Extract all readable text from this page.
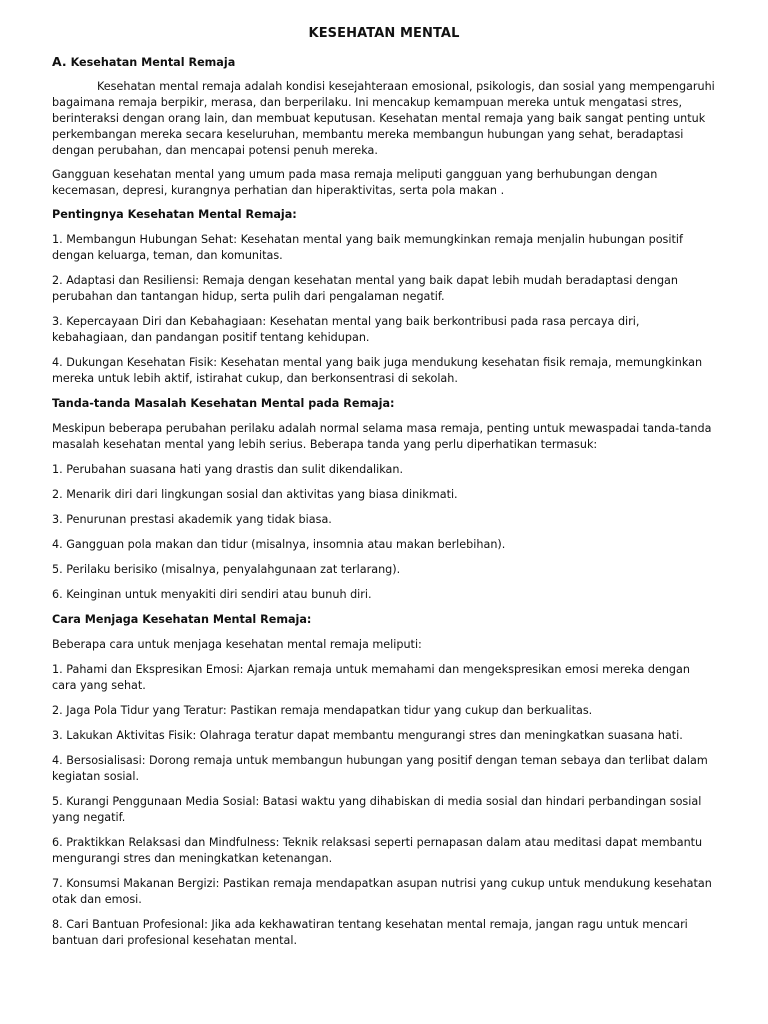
KESEHATAN MENTAL
A. Kesehatan Mental Remaja

Kesehatan mental remaja adalah kondisi kesejahteraan emosional, psikologis, dan sosial yang mempengaruhi bagaimana remaja berpikir, merasa, dan berperilaku. Ini mencakup kemampuan mereka untuk mengatasi stres, berinteraksi dengan orang lain, dan membuat keputusan. Kesehatan mental remaja yang baik sangat penting untuk perkembangan mereka secara keseluruhan, membantu mereka membangun hubungan yang sehat, beradaptasi dengan perubahan, dan mencapai potensi penuh mereka.

Gangguan kesehatan mental yang umum pada masa remaja meliputi gangguan yang berhubungan dengan kecemasan, depresi, kurangnya perhatian dan hiperaktivitas, serta pola makan .

Pentingnya Kesehatan Mental Remaja:

1. Membangun Hubungan Sehat: Kesehatan mental yang baik memungkinkan remaja menjalin hubungan positif dengan keluarga, teman, dan komunitas.

2. Adaptasi dan Resiliensi: Remaja dengan kesehatan mental yang baik dapat lebih mudah beradaptasi dengan perubahan dan tantangan hidup, serta pulih dari pengalaman negatif.

3. Kepercayaan Diri dan Kebahagiaan: Kesehatan mental yang baik berkontribusi pada rasa percaya diri, kebahagiaan, dan pandangan positif tentang kehidupan.

4. Dukungan Kesehatan Fisik: Kesehatan mental yang baik juga mendukung kesehatan fisik remaja, memungkinkan mereka untuk lebih aktif, istirahat cukup, dan berkonsentrasi di sekolah.

Tanda-tanda Masalah Kesehatan Mental pada Remaja:

Meskipun beberapa perubahan perilaku adalah normal selama masa remaja, penting untuk mewaspadai tanda-tanda masalah kesehatan mental yang lebih serius. Beberapa tanda yang perlu diperhatikan termasuk:

1. Perubahan suasana hati yang drastis dan sulit dikendalikan.

2. Menarik diri dari lingkungan sosial dan aktivitas yang biasa dinikmati.

3. Penurunan prestasi akademik yang tidak biasa.

4. Gangguan pola makan dan tidur (misalnya, insomnia atau makan berlebihan).

5. Perilaku berisiko (misalnya, penyalahgunaan zat terlarang).

6. Keinginan untuk menyakiti diri sendiri atau bunuh diri.

Cara Menjaga Kesehatan Mental Remaja:

Beberapa cara untuk menjaga kesehatan mental remaja meliputi:

1. Pahami dan Ekspresikan Emosi: Ajarkan remaja untuk memahami dan mengekspresikan emosi mereka dengan cara yang sehat.

2. Jaga Pola Tidur yang Teratur: Pastikan remaja mendapatkan tidur yang cukup dan berkualitas.

3. Lakukan Aktivitas Fisik: Olahraga teratur dapat membantu mengurangi stres dan meningkatkan suasana hati.

4. Bersosialisasi: Dorong remaja untuk membangun hubungan yang positif dengan teman sebaya dan terlibat dalam kegiatan sosial.

5. Kurangi Penggunaan Media Sosial: Batasi waktu yang dihabiskan di media sosial dan hindari perbandingan sosial yang negatif.

6. Praktikkan Relaksasi dan Mindfulness: Teknik relaksasi seperti pernapasan dalam atau meditasi dapat membantu mengurangi stres dan meningkatkan ketenangan.

7. Konsumsi Makanan Bergizi: Pastikan remaja mendapatkan asupan nutrisi yang cukup untuk mendukung kesehatan otak dan emosi.

8. Cari Bantuan Profesional: Jika ada kekhawatiran tentang kesehatan mental remaja, jangan ragu untuk mencari bantuan dari profesional kesehatan mental.
